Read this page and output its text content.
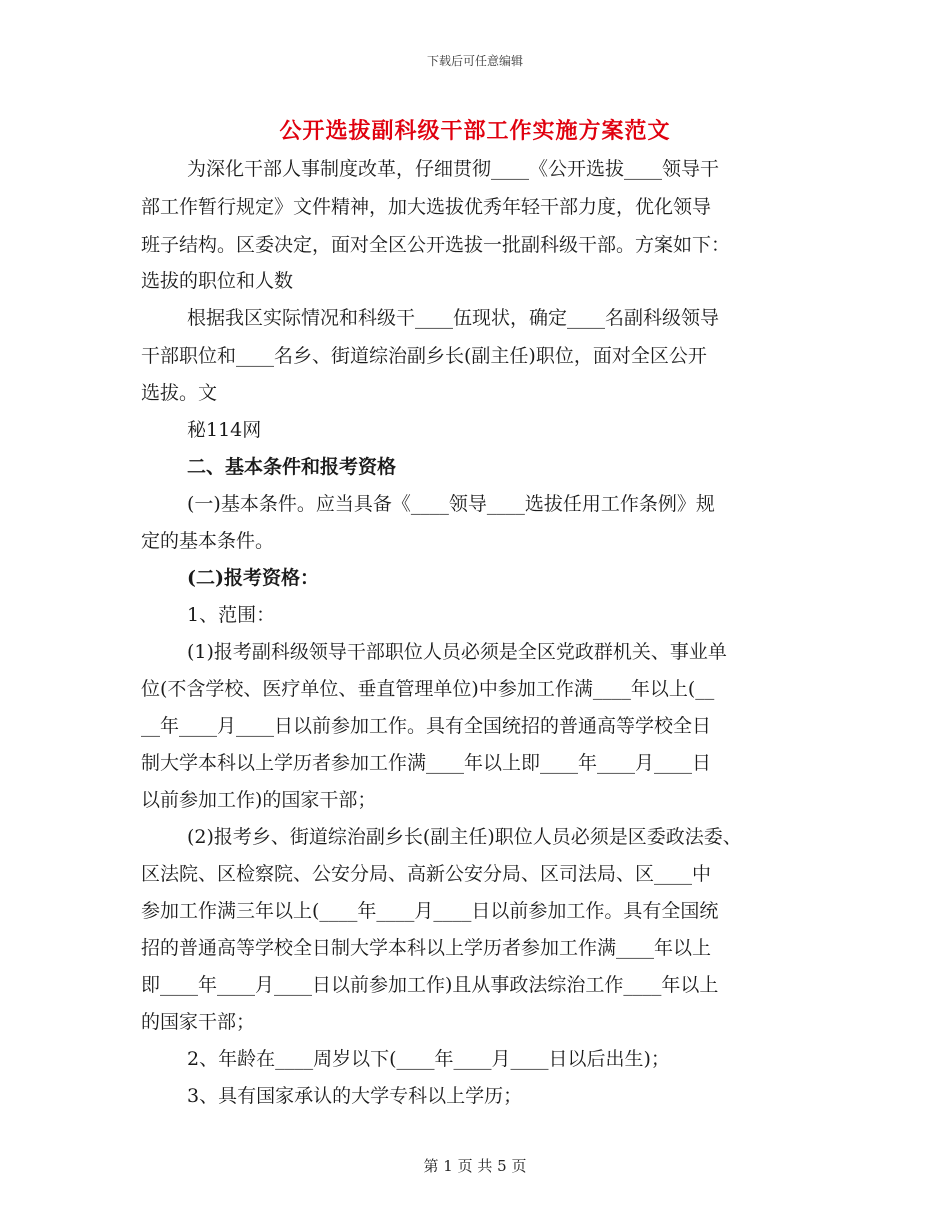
下载后可任意编辑
公开选拔副科级干部工作实施方案范文
为深化干部人事制度改革，仔细贯彻____《公开选拔____领导干
部工作暂行规定》文件精神，加大选拔优秀年轻干部力度，优化领导
班子结构。区委决定，面对全区公开选拔一批副科级干部。方案如下：
选拔的职位和人数
根据我区实际情况和科级干____伍现状，确定____名副科级领导
干部职位和____名乡、街道综治副乡长(副主任)职位，面对全区公开
选拔。文
秘114网
二、基本条件和报考资格
(一)基本条件。应当具备《____领导____选拔任用工作条例》规
定的基本条件。
(二)报考资格：
1、范围：
(1)报考副科级领导干部职位人员必须是全区党政群机关、事业单
位(不含学校、医疗单位、垂直管理单位)中参加工作满____年以上(__
__年____月____日以前参加工作。具有全国统招的普通高等学校全日
制大学本科以上学历者参加工作满____年以上即____年____月____日
以前参加工作)的国家干部；
(2)报考乡、街道综治副乡长(副主任)职位人员必须是区委政法委、
区法院、区检察院、公安分局、高新公安分局、区司法局、区____中
参加工作满三年以上(____年____月____日以前参加工作。具有全国统
招的普通高等学校全日制大学本科以上学历者参加工作满____年以上
即____年____月____日以前参加工作)且从事政法综治工作____年以上
的国家干部；
2、年龄在____周岁以下(____年____月____日以后出生)；
3、具有国家承认的大学专科以上学历；
第 1 页 共 5 页
